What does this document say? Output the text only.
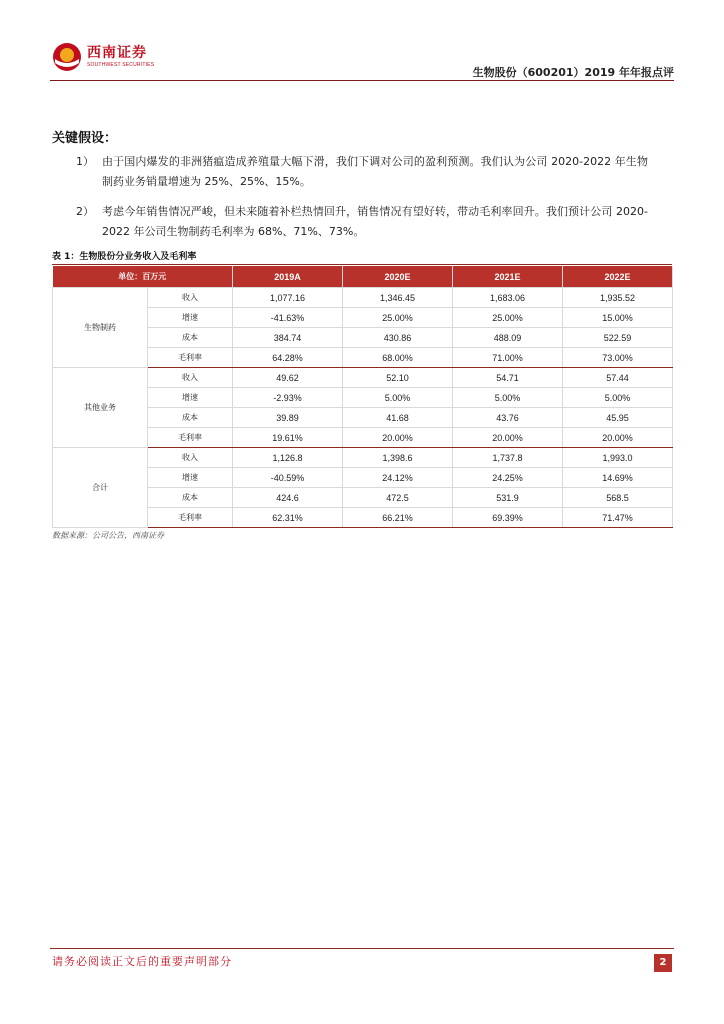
西南证券
SOUTHWEST SECURITIES
生物股份（600201）2019 年年报点评
关键假设：
1） 由于国内爆发的非洲猪瘟造成养殖量大幅下滑，我们下调对公司的盈利预测。我们认为公司 2020-2022 年生物制药业务销量增速为 25%、25%、15%。
2） 考虑今年销售情况严峻，但未来随着补栏热情回升，销售情况有望好转，带动毛利率回升。我们预计公司 2020-2022 年公司生物制药毛利率为 68%、71%、73%。
表 1：生物股份分业务收入及毛利率
单位：百万元		2019A	2020E	2021E	2022E
生物制药	收入	1,077.16	1,346.45	1,683.06	1,935.52
	增速	-41.63%	25.00%	25.00%	15.00%
	成本	384.74	430.86	488.09	522.59
	毛利率	64.28%	68.00%	71.00%	73.00%
其他业务	收入	49.62	52.10	54.71	57.44
	增速	-2.93%	5.00%	5.00%	5.00%
	成本	39.89	41.68	43.76	45.95
	毛利率	19.61%	20.00%	20.00%	20.00%
合计	收入	1,126.8	1,398.6	1,737.8	1,993.0
	增速	-40.59%	24.12%	24.25%	14.69%
	成本	424.6	472.5	531.9	568.5
	毛利率	62.31%	66.21%	69.39%	71.47%
数据来源：公司公告，西南证券
请务必阅读正文后的重要声明部分	2
